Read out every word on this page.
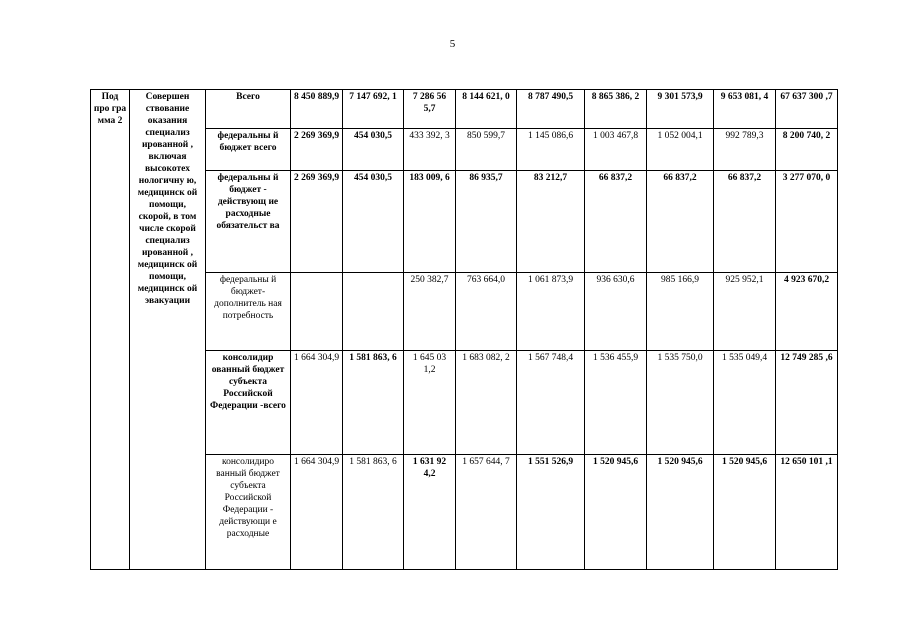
5
Под про гра мма 2	Совершен ствование оказания специализ ированной , включая высокотех нологичну ю, медицинск ой помощи, скорой, в том числе скорой специализ ированной , медицинск ой помощи, медицинск ой эвакуации	Всего	8 450 889,9	7 147 692, 1	7 286 56 5,7	8 144 621, 0	8 787 490,5	8 865 386, 2	9 301 573,9	9 653 081, 4	67 637 300 ,7
		федеральны й бюджет всего	2 269 369,9	454 030,5	433 392, 3	850 599,7	1 145 086,6	1 003 467,8	1 052 004,1	992 789,3	8 200 740, 2
		федеральны й бюджет - действующ ие расходные обязательст ва	2 269 369,9	454 030,5	183 009, 6	86 935,7	83 212,7	66 837,2	66 837,2	66 837,2	3 277 070, 0
		федеральны й бюджет- дополнитель ная потребность			250 382,7	763 664,0	1 061 873,9	936 630,6	985 166,9	925 952,1	4 923 670,2
		консолидир ованный бюджет субъекта Российской Федерации -всего	1 664 304,9	1 581 863, 6	1 645 03 1,2	1 683 082, 2	1 567 748,4	1 536 455,9	1 535 750,0	1 535 049,4	12 749 285 ,6
		консолидиро ванный бюджет субъекта Российской Федерации - действующи е расходные	1 664 304,9	1 581 863, 6	1 631 92 4,2	1 657 644, 7	1 551 526,9	1 520 945,6	1 520 945,6	1 520 945,6	12 650 101 ,1
